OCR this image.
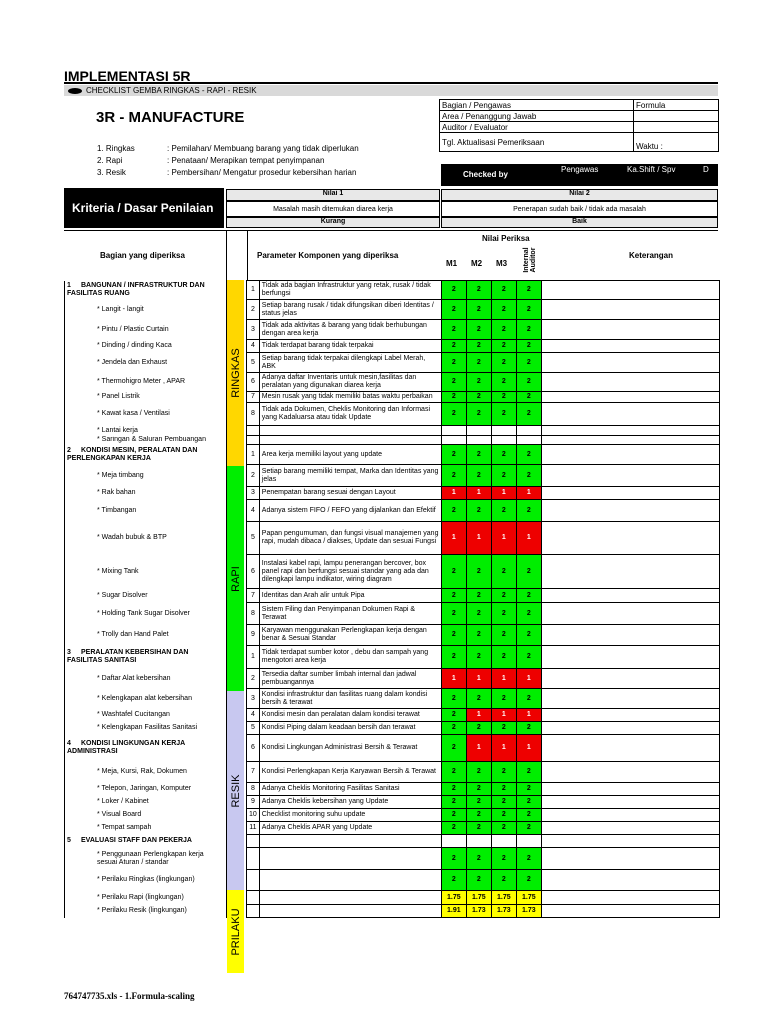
IMPLEMENTASI 5R
CHECKLIST GEMBA RINGKAS - RAPI - RESIK
3R - MANUFACTURE
1. Ringkas	: Pemilahan/ Membuang barang yang tidak diperlukan
2. Rapi	: Penataan/ Merapikan tempat penyimpanan
3. Resik	: Pembersihan/ Mengatur prosedur kebersihan harian
Bagian / Pengawas	Formula
Area / Penanggung Jawab	
Auditor / Evaluator	
Tgl. Aktualisasi Pemeriksaan	Waktu :
Checked by
Pengawas	Ka.Shift / Spv	D
Kriteria / Dasar Penilaian
Nilai 1
Masalah masih ditemukan diarea kerja
Kurang
Nilai 2
Penerapan sudah baik / tidak ada masalah
Baik
Bagian yang diperiksa	Parameter Komponen yang diperiksa
Nilai Periksa
M1 M2 M3 Internal Auditor	Keterangan
1 BANGUNAN / INFRASTRUKTUR DAN FASILITAS RUANG		1	Tidak ada bagian Infrastruktur yang retak, rusak / tidak berfungsi	2	2	2	2	
* Langit - langit		2	Setiap barang rusak / tidak difungsikan diberi Identitas / status jelas	2	2	2	2	
* Pintu / Plastic Curtain		3	Tidak ada aktivitas & barang yang tidak berhubungan dengan area kerja	2	2	2	2	
* Dinding / dinding Kaca		4	Tidak terdapat barang tidak terpakai	2	2	2	2	
* Jendela dan Exhaust		5	Setiap barang tidak terpakai dilengkapi Label Merah, ABK	2	2	2	2	
* Thermohigro Meter , APAR		6	Adanya daftar Inventaris untuk mesin,fasilitas dan peralatan yang digunakan diarea kerja	2	2	2	2	
* Panel Listrik		7	Mesin rusak yang tidak memiliki batas waktu perbaikan	2	2	2	2	
* Kawat kasa / Ventilasi		8	Tidak ada Dokumen, Cheklis Monitoring dan Informasi yang Kadaluarsa atau tidak Update	2	2	2	2	
* Lantai kerja								
* Saringan & Saluran Pembuangan								
2 KONDISI MESIN, PERALATAN DAN PERLENGKAPAN KERJA		1	Area kerja memiliki layout yang update	2	2	2	2	
* Meja timbang		2	Setiap barang memiliki tempat, Marka dan Identitas yang jelas	2	2	2	2	
* Rak bahan		3	Penempatan barang sesuai dengan Layout	1	1	1	1	
* Timbangan		4	Adanya sistem FIFO / FEFO yang dijalankan dan Efektif	2	2	2	2	
* Wadah bubuk & BTP		5	Papan pengumuman, dan fungsi visual manajemen yang rapi, mudah dibaca / diakses, Update dan sesuai Fungsi	1	1	1	1	
* Mixing Tank		6	Instalasi kabel rapi, lampu penerangan bercover, box panel rapi dan berfungsi sesuai standar yang ada dan dilengkapi lampu indikator, wiring diagram	2	2	2	2	
* Sugar Disolver		7	Identitas dan Arah alir untuk Pipa	2	2	2	2	
* Holding Tank Sugar Disolver		8	Sistem Filing dan Penyimpanan Dokumen Rapi & Terawat	2	2	2	2	
* Trolly dan Hand Palet		9	Karyawan menggunakan Perlengkapan kerja dengan benar & Sesuai Standar	2	2	2	2	
3 PERALATAN KEBERSIHAN DAN FASILITAS SANITASI		1	Tidak terdapat sumber kotor , debu dan sampah yang mengotori area kerja	2	2	2	2	
* Daftar Alat kebersihan		2	Tersedia daftar sumber limbah internal dan jadwal pembuangannya	1	1	1	1	
* Kelengkapan alat kebersihan		3	Kondisi infrastruktur dan fasilitas ruang dalam kondisi bersih & terawat	2	2	2	2	
* Washtafel Cucitangan		4	Kondisi mesin dan peralatan dalam kondisi terawat	2	1	1	1	
* Kelengkapan Fasilitas Sanitasi		5	Kondisi Piping dalam keadaan bersih dan terawat	2	2	2	2	
4 KONDISI LINGKUNGAN KERJA ADMINISTRASI		6	Kondisi Lingkungan Administrasi Bersih & Terawat	2	1	1	1	
* Meja, Kursi, Rak, Dokumen		7	Kondisi Perlengkapan Kerja Karyawan Bersih & Terawat	2	2	2	2	
* Telepon, Jaringan, Komputer		8	Adanya Cheklis Monitoring Fasilitas Sanitasi	2	2	2	2	
* Loker / Kabinet		9	Adanya Cheklis kebersihan yang Update	2	2	2	2	
* Visual Board		10	Checklist monitoring suhu update	2	2	2	2	
* Tempat sampah		11	Adanya Cheklis APAR yang Update	2	2	2	2	
5 EVALUASI STAFF DAN PEKERJA								
* Penggunaan Perlengkapan kerja sesuai Aturan / standar				2	2	2	2	
* Perilaku Ringkas (lingkungan)				2	2	2	2	
* Perilaku Rapi (lingkungan)				1.75	1.75	1.75	1.75	
* Perilaku Resik (lingkungan)				1.91	1.73	1.73	1.73	
RINGKAS
RAPI
RESIK
PRILAKU
764747735.xls - 1.Formula-scaling
